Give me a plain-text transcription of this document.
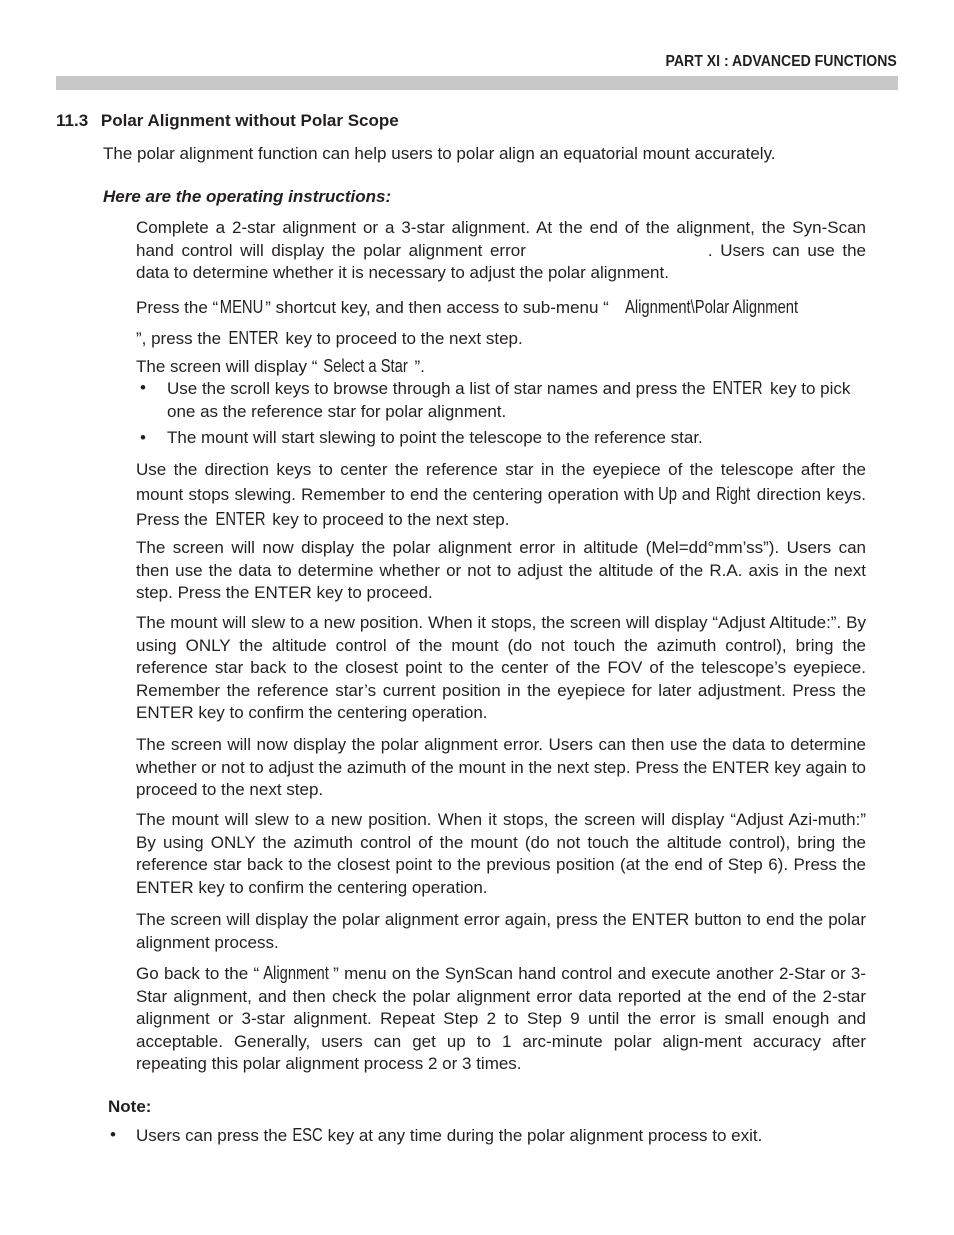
PART XI : ADVANCED FUNCTIONS
11.3 Polar Alignment without Polar Scope

The polar alignment function can help users to polar align an equatorial mount accurately.

Here are the operating instructions:

Complete a 2-star alignment or a 3-star alignment. At the end of the alignment, the Syn-Scan hand control will display the polar alignment error	. Users can use the data to determine whether it is necessary to adjust the polar alignment.

Press the “MENU ” shortcut key, and then access to sub-menu “ Alignment\Polar Alignment
”, press the ENTER key to proceed to the next step.

The screen will display “ Select a Star ”.

• Use the scroll keys to browse through a list of star names and press the ENTER key to pick one as the reference star for polar alignment.
• The mount will start slewing to point the telescope to the reference star.

Use the direction keys to center the reference star in the eyepiece of the telescope after the mount stops slewing. Remember to end the centering operation with Up and Right direction keys. Press the ENTER key to proceed to the next step.

The screen will now display the polar alignment error in altitude (Mel=dd°mm’ss”). Users can then use the data to determine whether or not to adjust the altitude of the R.A. axis in the next step. Press the ENTER key to proceed.

The mount will slew to a new position. When it stops, the screen will display “Adjust Altitude:”. By using ONLY the altitude control of the mount (do not touch the azimuth control), bring the reference star back to the closest point to the center of the FOV of the telescope’s eyepiece. Remember the reference star’s current position in the eyepiece for later adjustment. Press the ENTER key to confirm the centering operation.

The screen will now display the polar alignment error. Users can then use the data to determine whether or not to adjust the azimuth of the mount in the next step. Press the ENTER key again to proceed to the next step.

The mount will slew to a new position. When it stops, the screen will display “Adjust Azi-muth:” By using ONLY the azimuth control of the mount (do not touch the altitude control), bring the reference star back to the closest point to the previous position (at the end of Step 6). Press the ENTER key to confirm the centering operation.

The screen will display the polar alignment error again, press the ENTER button to end the polar alignment process.

Go back to the “ Alignment ” menu on the SynScan hand control and execute another 2-Star or 3-Star alignment, and then check the polar alignment error data reported at the end of the 2-star alignment or 3-star alignment. Repeat Step 2 to Step 9 until the error is small enough and acceptable. Generally, users can get up to 1 arc-minute polar align-ment accuracy after repeating this polar alignment process 2 or 3 times.

Note:
• Users can press the ESC key at any time during the polar alignment process to exit.
